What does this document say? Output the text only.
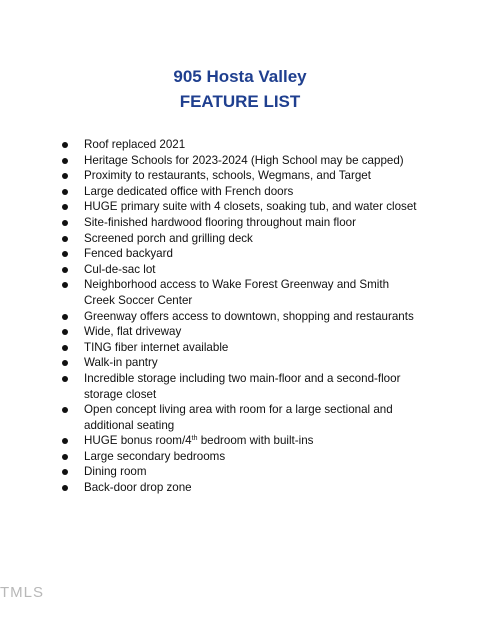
905 Hosta Valley
FEATURE LIST
Roof replaced 2021
Heritage Schools for 2023-2024 (High School may be capped)
Proximity to restaurants, schools, Wegmans, and Target
Large dedicated office with French doors
HUGE primary suite with 4 closets, soaking tub, and water closet
Site-finished hardwood flooring throughout main floor
Screened porch and grilling deck
Fenced backyard
Cul-de-sac lot
Neighborhood access to Wake Forest Greenway and Smith Creek Soccer Center
Greenway offers access to downtown, shopping and restaurants
Wide, flat driveway
TING fiber internet available
Walk-in pantry
Incredible storage including two main-floor and a second-floor storage closet
Open concept living area with room for a large sectional and additional seating
HUGE bonus room/4th bedroom with built-ins
Large secondary bedrooms
Dining room
Back-door drop zone
TMLS
